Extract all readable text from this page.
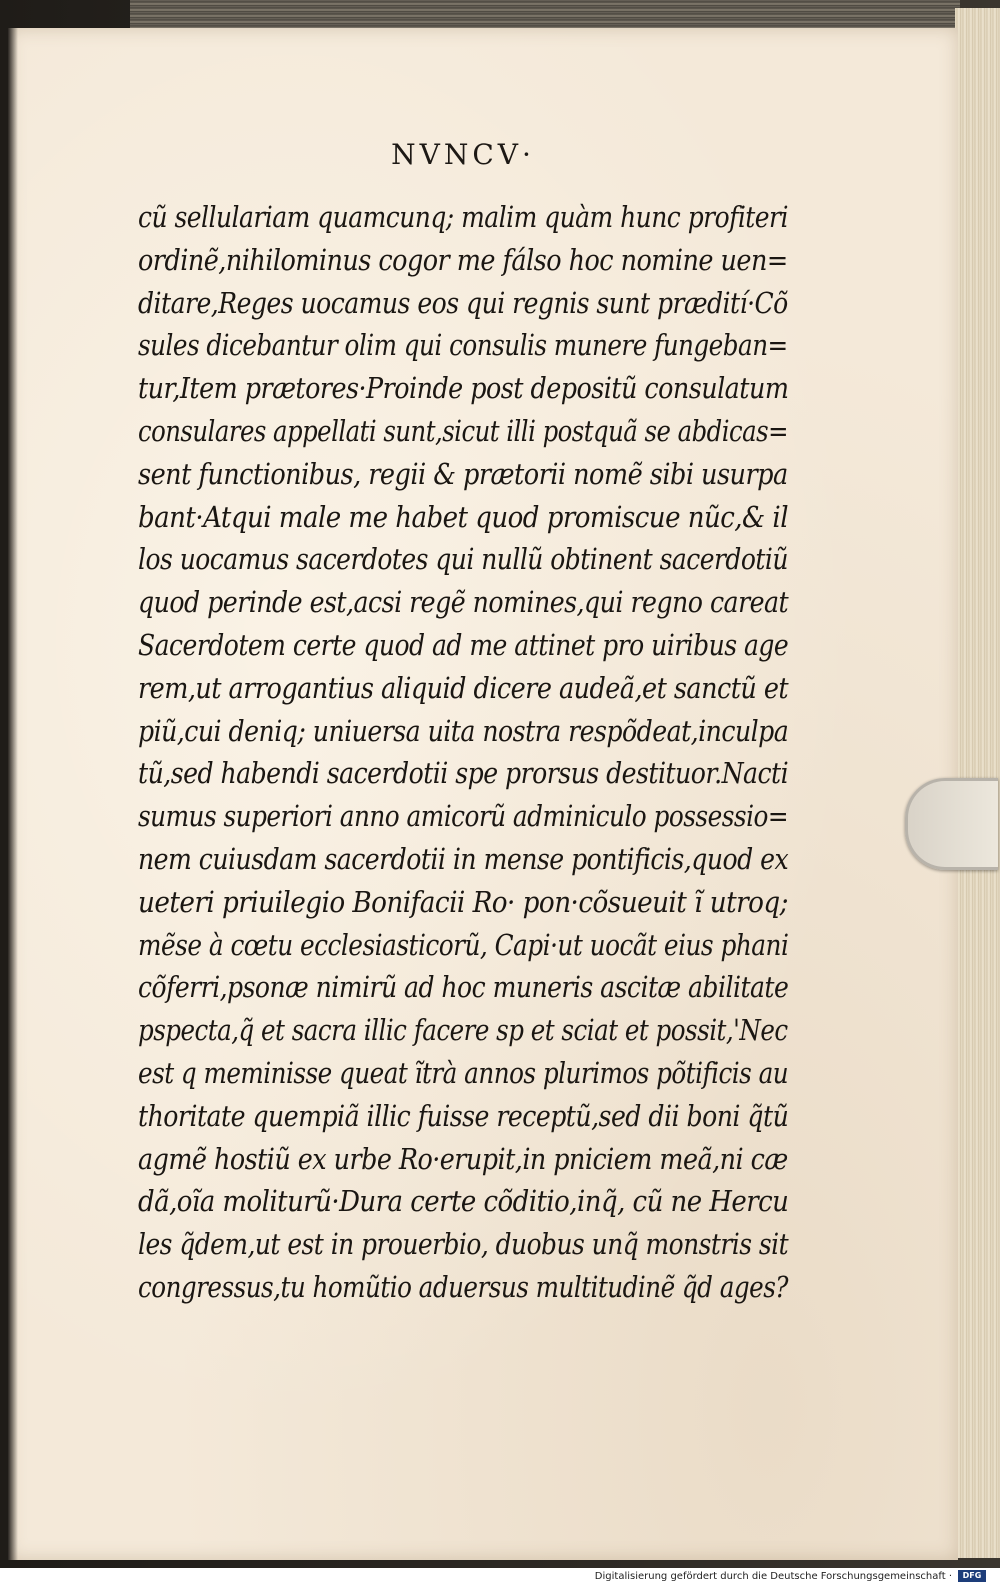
NVNCV·
cũ sellulariam quamcunq; malim quàm hunc profiteri
ordinẽ,nihilominus cogor me fálso hoc nomine uen=
ditare,Reges uocamus eos qui regnis sunt prædití·Cõ
sules dicebantur olim qui consulis munere fungeban=
tur,Item prætores·Proinde post depositũ consulatum
consulares appellati sunt,sicut illi postquã se abdicas=
sent functionibus, regii & prætorii nomẽ sibi usurpa
bant·Atqui male me habet quod promiscue nũc,& il
los uocamus sacerdotes qui nullũ obtinent sacerdotiũ
quod perinde est,acsi regẽ nomines,qui regno careat
Sacerdotem certe quod ad me attinet pro uiribus age
rem,ut arrogantius aliquid dicere audeã,et sanctũ et
piũ,cui deniq; uniuersa uita nostra respõdeat,inculpa
tũ,sed habendi sacerdotii spe prorsus destituor.Nacti
sumus superiori anno amicorũ adminiculo possessio=
nem cuiusdam sacerdotii in mense pontificis,quod ex
ueteri priuilegio Bonifacii Ro· pon·cõsueuit ĩ utroq;
mẽse à cœtu ecclesiasticorũ, Capi·ut uocãt eius phani
cõferri,psonæ nimirũ ad hoc muneris ascitæ abilitate
pspecta,q̃ et sacra illic facere sp et sciat et possit,'Nec
est q meminisse queat ĩtrà annos plurimos põtificis au
thoritate quempiã illic fuisse receptũ,sed dii boni q̃tũ
agmẽ hostiũ ex urbe Ro·erupit,in pniciem meã,ni cæ
dã,oĩa moliturũ·Dura certe cõditio,inq̃, cũ ne Hercu
les q̃dem,ut est in prouerbio, duobus unq̃ monstris sit
congressus,tu homũtio aduersus multitudinẽ q̃d ages?
Digitalisierung gefördert durch die Deutsche Forschungsgemeinschaft ·	DFG
